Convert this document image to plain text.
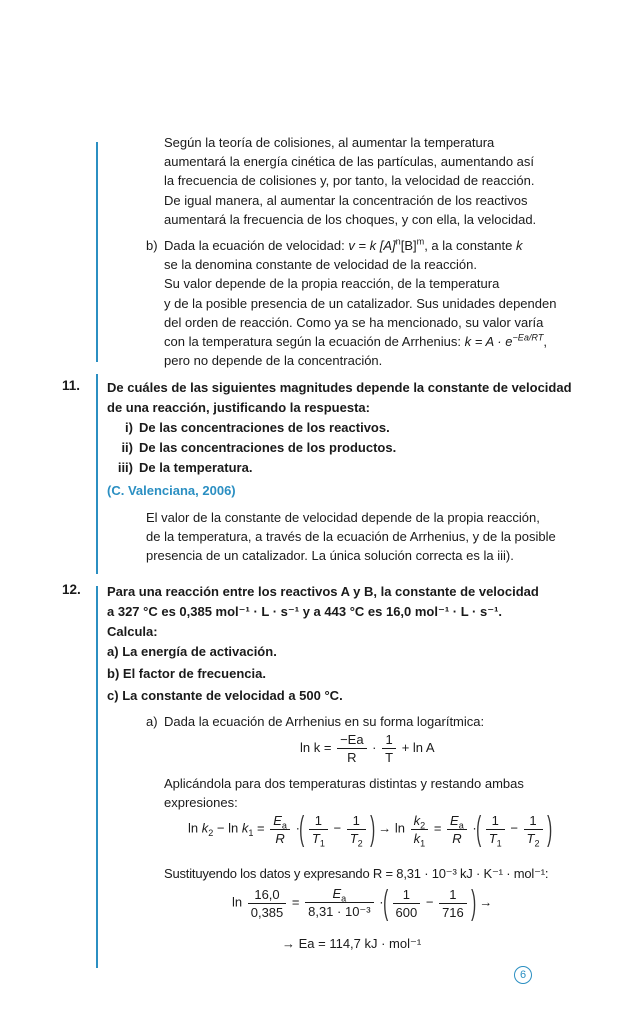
Según la teoría de colisiones, al aumentar la temperatura
aumentará la energía cinética de las partículas, aumentando así
la frecuencia de colisiones y, por tanto, la velocidad de reacción.
De igual manera, al aumentar la concentración de los reactivos
aumentará la frecuencia de los choques, y con ella, la velocidad.
b) Dada la ecuación de velocidad: v = k $[A]^n[B]^m$, a la constante k
se la denomina constante de velocidad de la reacción.
Su valor depende de la propia reacción, de la temperatura
y de la posible presencia de un catalizador. Sus unidades dependen
del orden de reacción. Como ya se ha mencionado, su valor varía
con la temperatura según la ecuación de Arrhenius: $k = A \cdot e^{-Ea/RT}$,
pero no depende de la concentración.
11. De cuáles de las siguientes magnitudes depende la constante de velocidad
de una reacción, justificando la respuesta:
i) De las concentraciones de los reactivos.
ii) De las concentraciones de los productos.
iii) De la temperatura.
(C. Valenciana, 2006)
El valor de la constante de velocidad depende de la propia reacción,
de la temperatura, a través de la ecuación de Arrhenius, y de la posible
presencia de un catalizador. La única solución correcta es la iii).
12. Para una reacción entre los reactivos A y B, la constante de velocidad
a 327 °C es 0,385 mol⁻¹ · L · s⁻¹ y a 443 °C es 16,0 mol⁻¹ · L · s⁻¹.
Calcula:
a) La energía de activación.
b) El factor de frecuencia.
c) La constante de velocidad a 500 °C.
a) Dada la ecuación de Arrhenius en su forma logarítmica:
$\ln k = \frac{-Ea}{R} \cdot \frac{1}{T} + \ln A$
Aplicándola para dos temperaturas distintas y restando ambas
expresiones:
$\ln k_2 - \ln k_1 = \frac{E_a}{R}$ ·( $\frac{1}{T_1} - \frac{1}{T_2}$ ) → $\ln \frac{k_2}{k_1} = \frac{E_a}{R}$ ·( $\frac{1}{T_1} - \frac{1}{T_2}$ )
Sustituyendo los datos y expresando R = 8,31 · 10⁻³ kJ · K⁻¹ · mol⁻¹:
$\ln \frac{16,0}{0,385} = \frac{E_a}{\text{8,31 · 10⁻³}}$ ·( $\frac{1}{600} - \frac{1}{716}$ ) →
→ Ea = 114,7 kJ · mol⁻¹
6
